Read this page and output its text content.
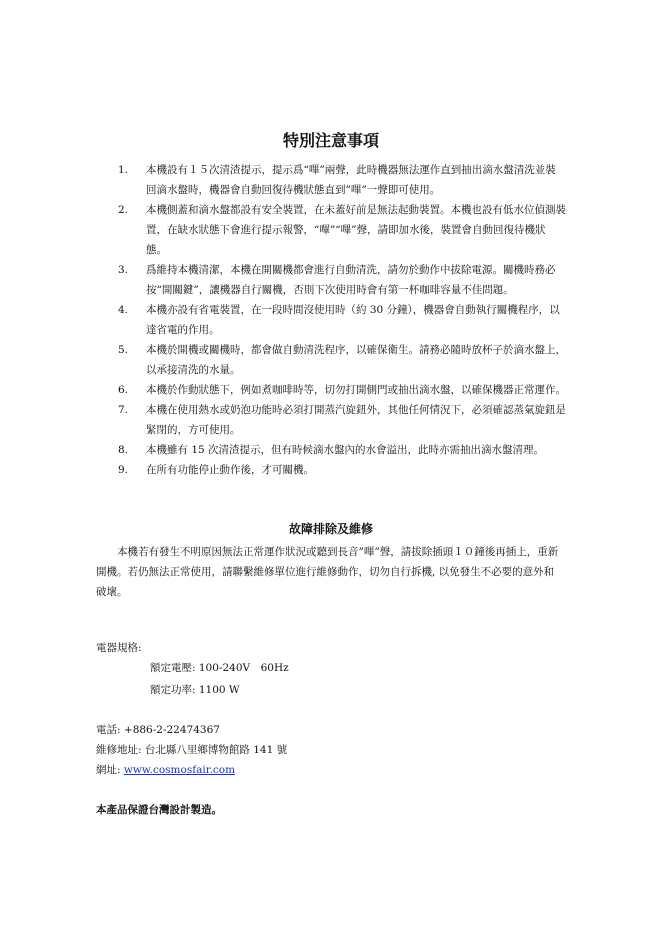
特別注意事項
1. 本機設有１５次清渣提示，提示爲“嗶”兩聲，此時機器無法運作直到抽出滴水盤清洗並裝回滴水盤時，機器會自動回復待機狀態直到”嗶”一聲即可使用。
2. 本機側蓋和滴水盤都設有安全裝置，在未蓋好前是無法起動裝置。本機也設有低水位偵測裝置，在缺水狀態下會進行提示報警，“嗶”“嗶”聲，請即加水後，裝置會自動回復待機狀態。
3. 爲維持本機清潔，本機在開關機都會進行自動清洗，請勿於動作中拔除電源。關機時務必按“開關鍵”，讓機器自行關機，否則下次使用時會有第一杯咖啡容量不佳問題。
4. 本機亦設有省電裝置，在一段時間沒使用時（約 30 分鐘），機器會自動執行關機程序，以達省電的作用。
5. 本機於開機或關機時，都會做自動清洗程序，以確保衛生。請務必隨時放杯子於滴水盤上，以承接清洗的水量。
6. 本機於作動狀態下，例如煮咖啡時等，切勿打開側門或抽出滴水盤，以確保機器正常運作。
7. 本機在使用熱水或奶泡功能時必須打開蒸汽旋鈕外，其他任何情況下，必須確認蒸氣旋鈕是緊閉的，方可使用。
8. 本機雖有 15 次清渣提示，但有時候滴水盤內的水會溢出，此時亦需抽出滴水盤清理。
9. 在所有功能停止動作後，才可關機。
故障排除及維修

本機若有發生不明原因無法正常運作狀況或聽到長音”嗶”聲，請拔除插頭１０鐘後再插上，重新開機。若仍無法正常使用，請聯繫維修單位進行維修動作，切勿自行拆機, 以免發生不必要的意外和破壞。

電器規格:
額定電壓: 100-240V　60Hz
額定功率: 1100 W
電話: +886-2-22474367
維修地址: 台北縣八里鄉博物館路 141 號
網址: www.cosmosfair.com
本產品保證台灣設計製造。
